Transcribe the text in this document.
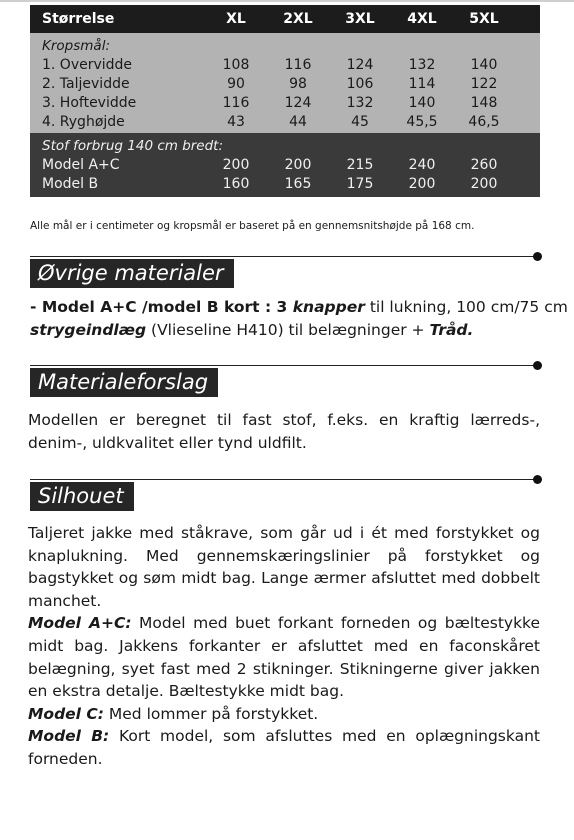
Størrelse	XL	2XL	3XL	4XL	5XL
Kropsmål:
1. Overvidde	108	116	124	132	140
2. Taljevidde	90	98	106	114	122
3. Hoftevidde	116	124	132	140	148
4. Ryghøjde	43	44	45	45,5	46,5
Stof forbrug 140 cm bredt:
Model A+C	200	200	215	240	260
Model B	160	165	175	200	200
Alle mål er i centimeter og kropsmål er baseret på en gennemsnitshøjde på 168 cm.
Øvrige materialer
- Model A+C /model B kort : 3 knapper til lukning, 100 cm/75 cm strygeindlæg (Vlieseline H410) til belægninger + Tråd.
Materialeforslag
Modellen er beregnet til fast stof, f.eks. en kraftig lærreds-, denim-, uldkvalitet eller tynd uldfilt.
Silhouet
Taljeret jakke med ståkrave, som går ud i ét med forstykket og knaplukning. Med gennemskæringslinier på forstykket og bagstykket og søm midt bag. Lange ærmer afsluttet med dobbelt manchet.
Model A+C: Model med buet forkant forneden og bæltestykke midt bag. Jakkens forkanter er afsluttet med en faconskåret belægning, syet fast med 2 stikninger. Stikningerne giver jakken en ekstra detalje. Bæltestykke midt bag.
Model C: Med lommer på forstykket.
Model B: Kort model, som afsluttes med en oplægningskant forneden.
